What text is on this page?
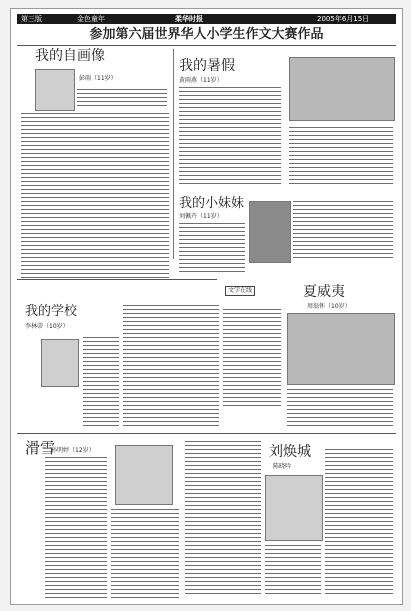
第三版	金色童年	柔华时报	2005年6月15日
参加第六届世界华人小学生作文大赛作品
我的自画像
彭雨（11岁）
我的暑假
黄雨燕（11岁）
我的小妹妹
刘佩卉（11岁）
文学在线
我的学校
李林蒂（10岁）
夏威夷
周翁怀（10岁）
滑雪
孙明婷（12岁）	刘焕城
陈晓吟
